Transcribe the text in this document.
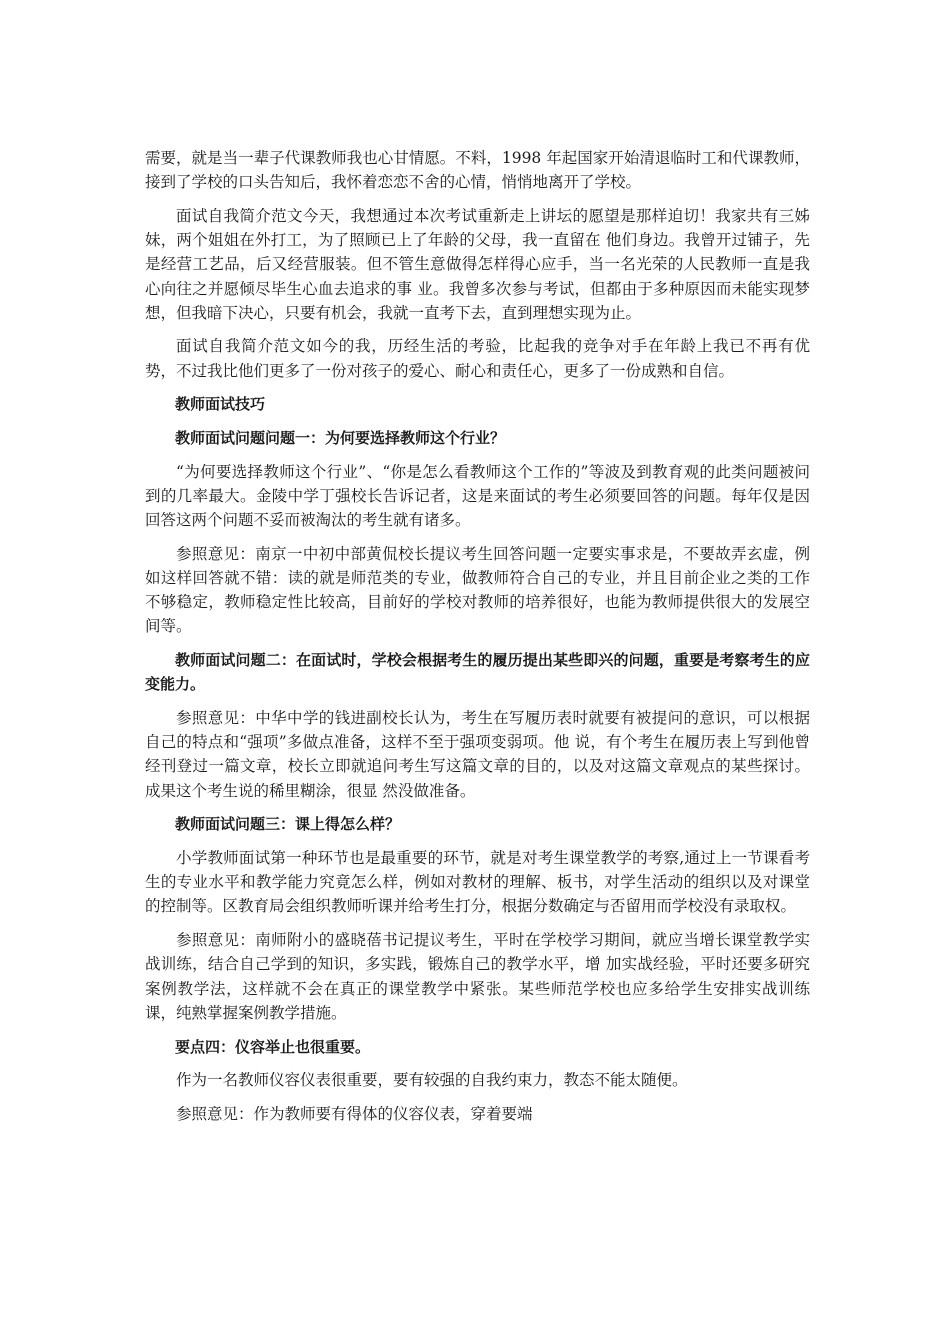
需要，就是当一辈子代课教师我也心甘情愿。不料，1998 年起国家开始清退临时工和代课教师，接到了学校的口头告知后，我怀着恋恋不舍的心情，悄悄地离开了学校。

面试自我简介范文今天，我想通过本次考试重新走上讲坛的愿望是那样迫切！我家共有三姊 妹，两个姐姐在外打工，为了照顾已上了年龄的父母，我一直留在 他们身边。我曾开过铺子，先是经营工艺品，后又经营服装。但不管生意做得怎样得心应手，当一名光荣的人民教师一直是我心向往之并愿倾尽毕生心血去追求的事 业。我曾多次参与考试，但都由于多种原因而未能实现梦想，但我暗下决心，只要有机会，我就一直考下去，直到理想实现为止。

面试自我简介范文如今的我，历经生活的考验，比起我的竞争对手在年龄上我已不再有优势，不过我比他们更多了一份对孩子的爱心、耐心和责任心，更多了一份成熟和自信。

教师面试技巧

教师面试问题问题一：为何要选择教师这个行业？

“为何要选择教师这个行业”、“你是怎么看教师这个工作的”等波及到教育观的此类问题被问到的几率最大。金陵中学丁强校长告诉记者，这是来面试的考生必须要回答的问题。每年仅是因回答这两个问题不妥而被淘汰的考生就有诸多。

参照意见：南京一中初中部黄侃校长提议考生回答问题一定要实事求是，不要故弄玄虚，例如这样回答就不错：读的就是师范类的专业，做教师符合自己的专业，并且目前企业之类的工作不够稳定，教师稳定性比较高，目前好的学校对教师的培养很好，也能为教师提供很大的发展空间等。

教师面试问题二：在面试时，学校会根据考生的履历提出某些即兴的问题，重要是考察考生的应变能力。

参照意见：中华中学的钱进副校长认为，考生在写履历表时就要有被提问的意识，可以根据 自己的特点和“强项”多做点准备，这样不至于强项变弱项。他 说，有个考生在履历表上写到他曾经刊登过一篇文章，校长立即就追问考生写这篇文章的目的，以及对这篇文章观点的某些探讨。成果这个考生说的稀里糊涂，很显 然没做准备。

教师面试问题三：课上得怎么样？

小学教师面试第一种环节也是最重要的环节，就是对考生课堂教学的考察,通过上一节课看考生的专业水平和教学能力究竟怎么样，例如对教材的理解、板书，对学生活动的组织以及对课堂的控制等。区教育局会组织教师听课并给考生打分，根据分数确定与否留用而学校没有录取权。

参照意见：南师附小的盛晓蓓书记提议考生，平时在学校学习期间，就应当增长课堂教学实 战训练，结合自己学到的知识，多实践，锻炼自己的教学水平，增 加实战经验，平时还要多研究案例教学法，这样就不会在真正的课堂教学中紧张。某些师范学校也应多给学生安排实战训练课，纯熟掌握案例教学措施。

要点四：仪容举止也很重要。

作为一名教师仪容仪表很重要，要有较强的自我约束力，教态不能太随便。

参照意见：作为教师要有得体的仪容仪表，穿着要端
